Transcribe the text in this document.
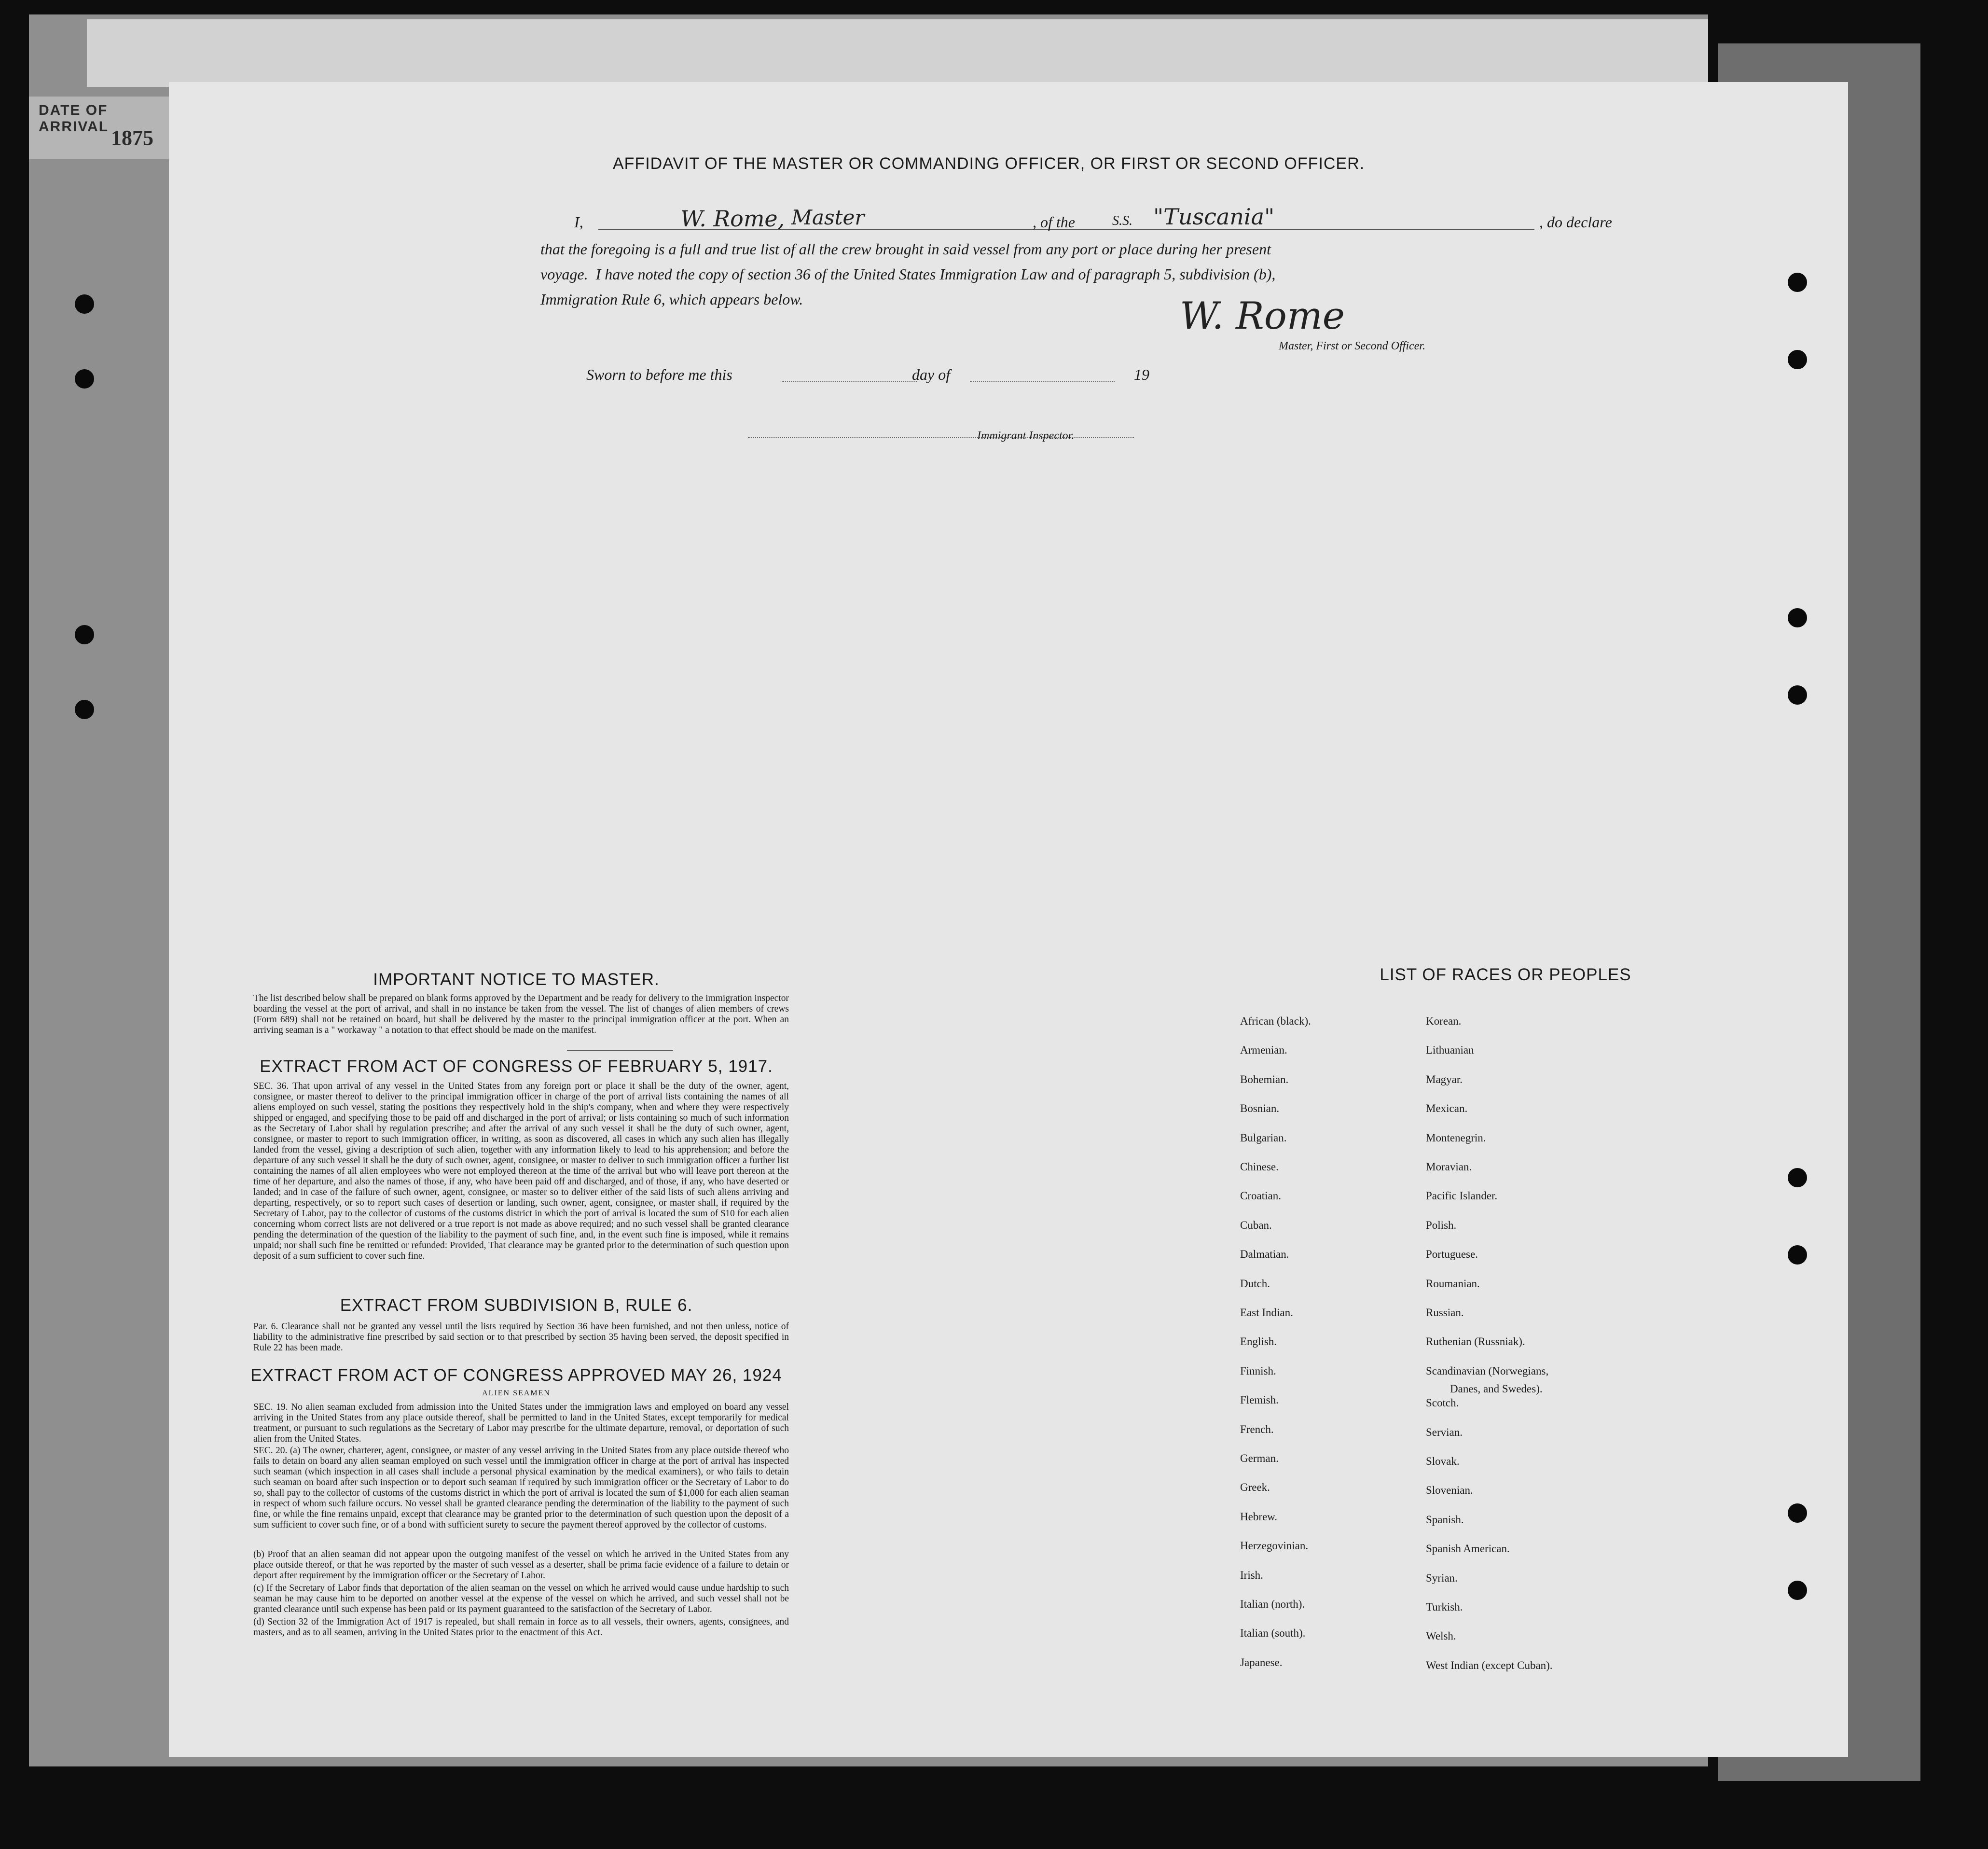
DATE OF ARRIVAL 1875
AFFIDAVIT OF THE MASTER OR COMMANDING OFFICER, OR FIRST OR SECOND OFFICER.
I,	W. Rome, Master	, of the	S.S. "Tuscania"	, do declare
that the foregoing is a full and true list of all the crew brought in said vessel from any port or place during her present
voyage.  I have noted the copy of section 36 of the United States Immigration Law and of paragraph 5, subdivision (b),
Immigration Rule 6, which appears below.	W. Rome
Master, First or Second Officer.
Sworn to before me this	day of	19
Immigrant Inspector.
IMPORTANT NOTICE TO MASTER.
The list described below shall be prepared on blank forms approved by the Department and be ready for delivery to the immigration inspector boarding the vessel at the port of arrival, and shall in no instance be taken from the vessel. The list of changes of alien members of crews (Form 689) shall not be retained on board, but shall be delivered by the master to the principal immigration officer at the port. When an arriving seaman is a " workaway " a notation to that effect should be made on the manifest.
EXTRACT FROM ACT OF CONGRESS OF FEBRUARY 5, 1917.
SEC. 36. That upon arrival of any vessel in the United States from any foreign port or place it shall be the duty of the owner, agent, consignee, or master thereof to deliver to the principal immigration officer in charge of the port of arrival lists containing the names of all aliens employed on such vessel, stating the positions they respectively hold in the ship's company, when and where they were respectively shipped or engaged, and specifying those to be paid off and discharged in the port of arrival; or lists containing so much of such information as the Secretary of Labor shall by regulation prescribe; and after the arrival of any such vessel it shall be the duty of such owner, agent, consignee, or master to report to such immigration officer, in writing, as soon as discovered, all cases in which any such alien has illegally landed from the vessel, giving a description of such alien, together with any information likely to lead to his apprehension; and before the departure of any such vessel it shall be the duty of such owner, agent, consignee, or master to deliver to such immigration officer a further list containing the names of all alien employees who were not employed thereon at the time of the arrival but who will leave port thereon at the time of her departure, and also the names of those, if any, who have been paid off and discharged, and of those, if any, who have deserted or landed; and in case of the failure of such owner, agent, consignee, or master so to deliver either of the said lists of such aliens arriving and departing, respectively, or so to report such cases of desertion or landing, such owner, agent, consignee, or master shall, if required by the Secretary of Labor, pay to the collector of customs of the customs district in which the port of arrival is located the sum of $10 for each alien concerning whom correct lists are not delivered or a true report is not made as above required; and no such vessel shall be granted clearance pending the determination of the question of the liability to the payment of such fine, and, in the event such fine is imposed, while it remains unpaid; nor shall such fine be remitted or refunded: Provided, That clearance may be granted prior to the determination of such question upon deposit of a sum sufficient to cover such fine.
EXTRACT FROM SUBDIVISION B, RULE 6.
Par. 6. Clearance shall not be granted any vessel until the lists required by Section 36 have been furnished, and not then unless, notice of liability to the administrative fine prescribed by said section or to that prescribed by section 35 having been served, the deposit specified in Rule 22 has been made.
EXTRACT FROM ACT OF CONGRESS APPROVED MAY 26, 1924
ALIEN SEAMEN
SEC. 19. No alien seaman excluded from admission into the United States under the immigration laws and employed on board any vessel arriving in the United States from any place outside thereof, shall be permitted to land in the United States, except temporarily for medical treatment, or pursuant to such regulations as the Secretary of Labor may prescribe for the ultimate departure, removal, or deportation of such alien from the United States.
SEC. 20. (a) The owner, charterer, agent, consignee, or master of any vessel arriving in the United States from any place outside thereof who fails to detain on board any alien seaman employed on such vessel until the immigration officer in charge at the port of arrival has inspected such seaman (which inspection in all cases shall include a personal physical examination by the medical examiners), or who fails to detain such seaman on board after such inspection or to deport such seaman if required by such immigration officer or the Secretary of Labor to do so, shall pay to the collector of customs of the customs district in which the port of arrival is located the sum of $1,000 for each alien seaman in respect of whom such failure occurs. No vessel shall be granted clearance pending the determination of the liability to the payment of such fine, or while the fine remains unpaid, except that clearance may be granted prior to the determination of such question upon the deposit of a sum sufficient to cover such fine, or of a bond with sufficient surety to secure the payment thereof approved by the collector of customs.
(b) Proof that an alien seaman did not appear upon the outgoing manifest of the vessel on which he arrived in the United States from any place outside thereof, or that he was reported by the master of such vessel as a deserter, shall be prima facie evidence of a failure to detain or deport after requirement by the immigration officer or the Secretary of Labor.
(c) If the Secretary of Labor finds that deportation of the alien seaman on the vessel on which he arrived would cause undue hardship to such seaman he may cause him to be deported on another vessel at the expense of the vessel on which he arrived, and such vessel shall not be granted clearance until such expense has been paid or its payment guaranteed to the satisfaction of the Secretary of Labor.
(d) Section 32 of the Immigration Act of 1917 is repealed, but shall remain in force as to all vessels, their owners, agents, consignees, and masters, and as to all seamen, arriving in the United States prior to the enactment of this Act.
LIST OF RACES OR PEOPLES
African (black).
Armenian.
Bohemian.
Bosnian.
Bulgarian.
Chinese.
Croatian.
Cuban.
Dalmatian.
Dutch.
East Indian.
English.
Finnish.
Flemish.
French.
German.
Greek.
Hebrew.
Herzegovinian.
Irish.
Italian (north).
Italian (south).
Japanese.
Korean.
Lithuanian
Magyar.
Mexican.
Montenegrin.
Moravian.
Pacific Islander.
Polish.
Portuguese.
Roumanian.
Russian.
Ruthenian (Russniak).
Scandinavian (Norwegians,
Scotch.
Servian.
Slovak.
Slovenian.
Spanish.
Spanish American.
Syrian.
Turkish.
Welsh.
West Indian (except Cuban).
Danes, and Swedes).
